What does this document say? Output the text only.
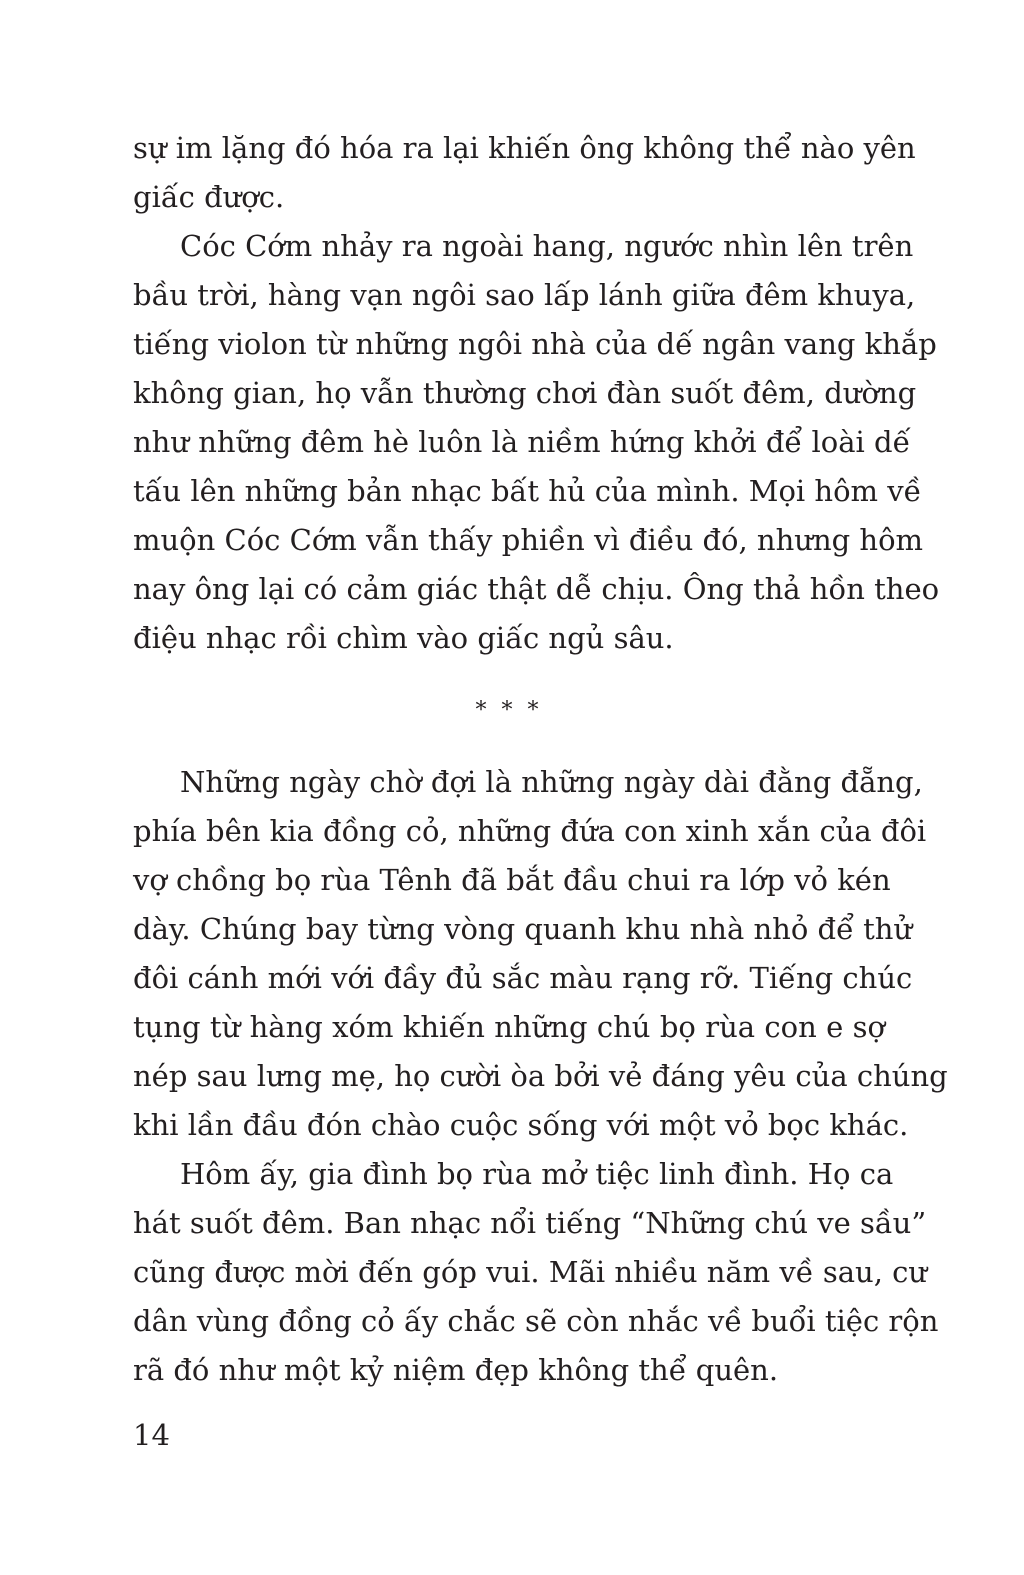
sự im lặng đó hóa ra lại khiến ông không thể nào yên
giấc được.
Cóc Cớm nhảy ra ngoài hang, ngước nhìn lên trên
bầu trời, hàng vạn ngôi sao lấp lánh giữa đêm khuya,
tiếng violon từ những ngôi nhà của dế ngân vang khắp
không gian, họ vẫn thường chơi đàn suốt đêm, dường
như những đêm hè luôn là niềm hứng khởi để loài dế
tấu lên những bản nhạc bất hủ của mình. Mọi hôm về
muộn Cóc Cớm vẫn thấy phiền vì điều đó, nhưng hôm
nay ông lại có cảm giác thật dễ chịu. Ông thả hồn theo
điệu nhạc rồi chìm vào giấc ngủ sâu.
* * *
Những ngày chờ đợi là những ngày dài đằng đẵng,
phía bên kia đồng cỏ, những đứa con xinh xắn của đôi
vợ chồng bọ rùa Tênh đã bắt đầu chui ra lớp vỏ kén
dày. Chúng bay từng vòng quanh khu nhà nhỏ để thử
đôi cánh mới với đầy đủ sắc màu rạng rỡ. Tiếng chúc
tụng từ hàng xóm khiến những chú bọ rùa con e sợ
nép sau lưng mẹ, họ cười òa bởi vẻ đáng yêu của chúng
khi lần đầu đón chào cuộc sống với một vỏ bọc khác.
Hôm ấy, gia đình bọ rùa mở tiệc linh đình. Họ ca
hát suốt đêm. Ban nhạc nổi tiếng “Những chú ve sầu”
cũng được mời đến góp vui. Mãi nhiều năm về sau, cư
dân vùng đồng cỏ ấy chắc sẽ còn nhắc về buổi tiệc rộn
rã đó như một kỷ niệm đẹp không thể quên.
14
